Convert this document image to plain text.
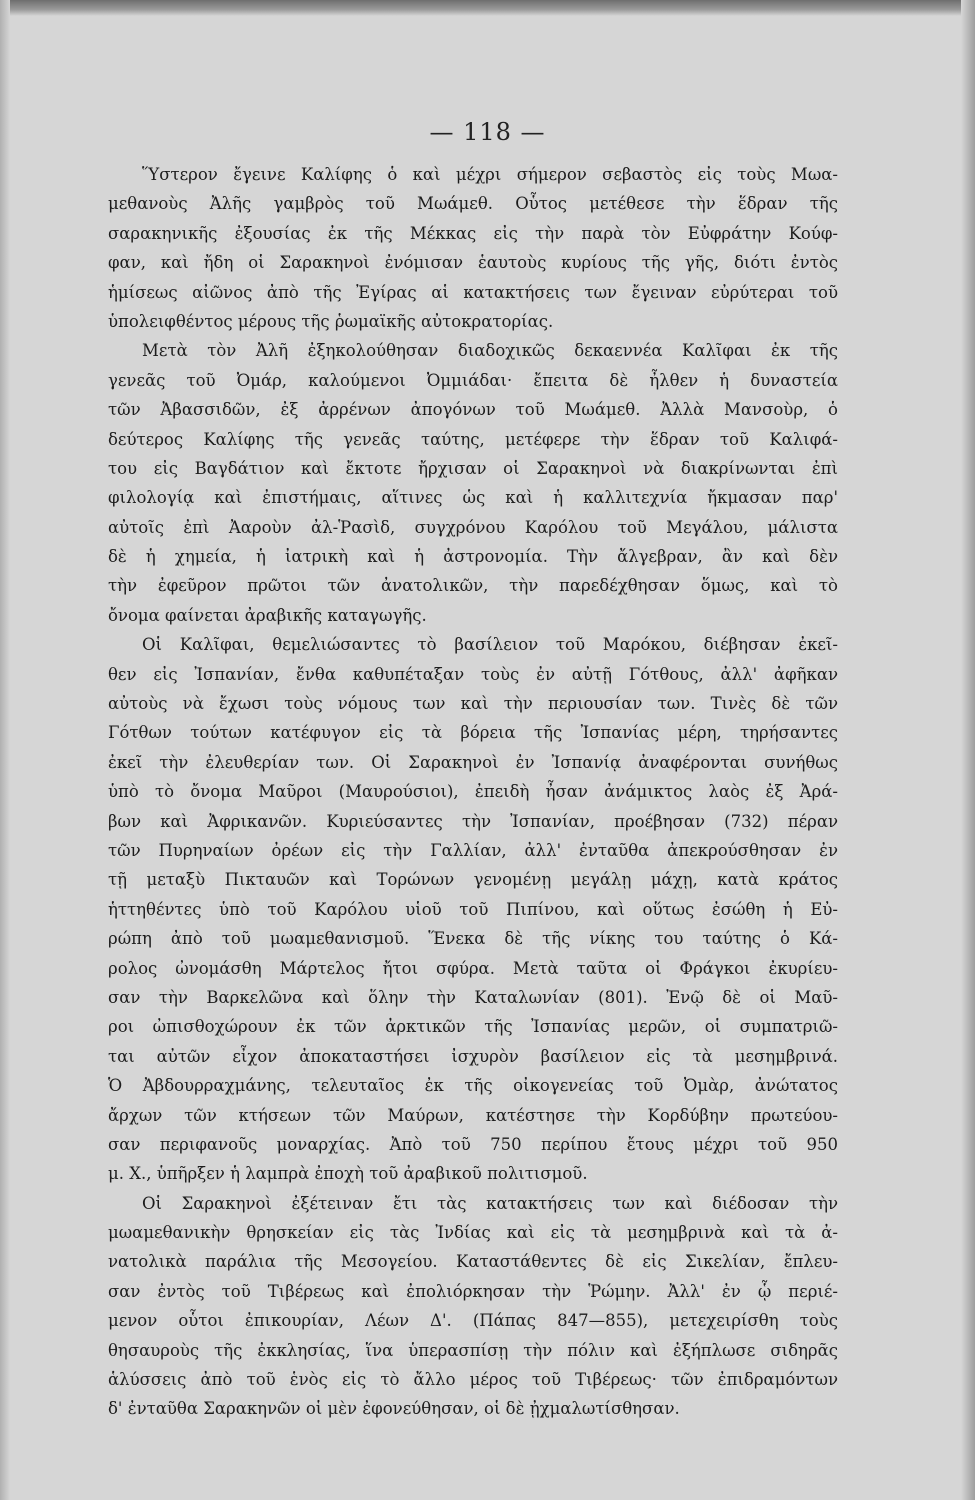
— 118 —
Ὕστερον ἔγεινε Καλίφης ὁ καὶ μέχρι σήμερον σεβαστὸς εἰς τοὺς Μωα-
μεθανοὺς Ἀλῆς γαμβρὸς τοῦ Μωάμεθ. Οὗτος μετέθεσε τὴν ἕδραν τῆς
σαρακηνικῆς ἐξουσίας ἐκ τῆς Μέκκας εἰς τὴν παρὰ τὸν Εὐφράτην Κούφ-
φαν, καὶ ἤδη οἱ Σαρακηνοὶ ἐνόμισαν ἑαυτοὺς κυρίους τῆς γῆς, διότι ἐντὸς
ἡμίσεως αἰῶνος ἀπὸ τῆς Ἐγίρας αἱ κατακτήσεις των ἔγειναν εὐρύτεραι τοῦ
ὑπολειφθέντος μέρους τῆς ῥωμαϊκῆς αὐτοκρατορίας.
Μετὰ τὸν Ἀλῆ ἐξηκολούθησαν διαδοχικῶς δεκαεννέα Καλῖφαι ἐκ τῆς
γενεᾶς τοῦ Ὀμάρ, καλούμενοι Ὀμμιάδαι· ἔπειτα δὲ ἦλθεν ἡ δυναστεία
τῶν Ἀβασσιδῶν, ἐξ ἀρρένων ἀπογόνων τοῦ Μωάμεθ. Ἀλλὰ Μανσοὺρ, ὁ
δεύτερος Καλίφης τῆς γενεᾶς ταύτης, μετέφερε τὴν ἕδραν τοῦ Καλιφά-
του εἰς Βαγδάτιον καὶ ἔκτοτε ἤρχισαν οἱ Σαρακηνοὶ νὰ διακρίνωνται ἐπὶ
φιλολογίᾳ καὶ ἐπιστήμαις, αἵτινες ὡς καὶ ἡ καλλιτεχνία ἤκμασαν παρ'
αὐτοῖς ἐπὶ Ἀαροὺν ἀλ-Ῥασὶδ, συγχρόνου Καρόλου τοῦ Μεγάλου, μάλιστα
δὲ ἡ χημεία, ἡ ἰατρικὴ καὶ ἡ ἀστρονομία. Τὴν ἄλγεβραν, ἂν καὶ δὲν
τὴν ἐφεῦρον πρῶτοι τῶν ἀνατολικῶν, τὴν παρεδέχθησαν ὅμως, καὶ τὸ
ὄνομα φαίνεται ἀραβικῆς καταγωγῆς.
Οἱ Καλῖφαι, θεμελιώσαντες τὸ βασίλειον τοῦ Μαρόκου, διέβησαν ἐκεῖ-
θεν εἰς Ἰσπανίαν, ἔνθα καθυπέταξαν τοὺς ἐν αὐτῇ Γότθους, ἀλλ' ἀφῆκαν
αὐτοὺς νὰ ἔχωσι τοὺς νόμους των καὶ τὴν περιουσίαν των. Τινὲς δὲ τῶν
Γότθων τούτων κατέφυγον εἰς τὰ βόρεια τῆς Ἰσπανίας μέρη, τηρήσαντες
ἐκεῖ τὴν ἐλευθερίαν των. Οἱ Σαρακηνοὶ ἐν Ἰσπανίᾳ ἀναφέρονται συνήθως
ὑπὸ τὸ ὄνομα Μαῦροι (Μαυρούσιοι), ἐπειδὴ ἦσαν ἀνάμικτος λαὸς ἐξ Ἀρά-
βων καὶ Ἀφρικανῶν. Κυριεύσαντες τὴν Ἰσπανίαν, προέβησαν (732) πέραν
τῶν Πυρηναίων ὀρέων εἰς τὴν Γαλλίαν, ἀλλ' ἐνταῦθα ἀπεκρούσθησαν ἐν
τῇ μεταξὺ Πικταυῶν καὶ Τορώνων γενομένῃ μεγάλῃ μάχῃ, κατὰ κράτος
ἡττηθέντες ὑπὸ τοῦ Καρόλου υἱοῦ τοῦ Πιπίνου, καὶ οὕτως ἐσώθη ἡ Εὐ-
ρώπη ἀπὸ τοῦ μωαμεθανισμοῦ. Ἕνεκα δὲ τῆς νίκης του ταύτης ὁ Κά-
ρολος ὠνομάσθη Μάρτελος ἤτοι σφύρα. Μετὰ ταῦτα οἱ Φράγκοι ἐκυρίευ-
σαν τὴν Βαρκελῶνα καὶ ὅλην τὴν Καταλωνίαν (801). Ἐνῷ δὲ οἱ Μαῦ-
ροι ὠπισθοχώρουν ἐκ τῶν ἀρκτικῶν τῆς Ἰσπανίας μερῶν, οἱ συμπατριῶ-
ται αὐτῶν εἶχον ἀποκαταστήσει ἰσχυρὸν βασίλειον εἰς τὰ μεσημβρινά.
Ὁ Ἀβδουρραχμάνης, τελευταῖος ἐκ τῆς οἰκογενείας τοῦ Ὀμὰρ, ἀνώτατος
ἄρχων τῶν κτήσεων τῶν Μαύρων, κατέστησε τὴν Κορδύβην πρωτεύου-
σαν περιφανοῦς μοναρχίας. Ἀπὸ τοῦ 750 περίπου ἔτους μέχρι τοῦ 950
μ. Χ., ὑπῆρξεν ἡ λαμπρὰ ἐποχὴ τοῦ ἀραβικοῦ πολιτισμοῦ.
Οἱ Σαρακηνοὶ ἐξέτειναν ἔτι τὰς κατακτήσεις των καὶ διέδοσαν τὴν
μωαμεθανικὴν θρησκείαν εἰς τὰς Ἰνδίας καὶ εἰς τὰ μεσημβρινὰ καὶ τὰ ἀ-
νατολικὰ παράλια τῆς Μεσογείου. Καταστάθεντες δὲ εἰς Σικελίαν, ἔπλευ-
σαν ἐντὸς τοῦ Τιβέρεως καὶ ἐπολιόρκησαν τὴν Ῥώμην. Ἀλλ' ἐν ᾧ περιέ-
μενον οὗτοι ἐπικουρίαν, Λέων Δ'. (Πάπας 847—855), μετεχειρίσθη τοὺς
θησαυροὺς τῆς ἐκκλησίας, ἵνα ὑπερασπίσῃ τὴν πόλιν καὶ ἐξήπλωσε σιδηρᾶς
ἁλύσσεις ἀπὸ τοῦ ἑνὸς εἰς τὸ ἄλλο μέρος τοῦ Τιβέρεως· τῶν ἐπιδραμόντων
δ' ἐνταῦθα Σαρακηνῶν οἱ μὲν ἐφονεύθησαν, οἱ δὲ ᾐχμαλωτίσθησαν.
